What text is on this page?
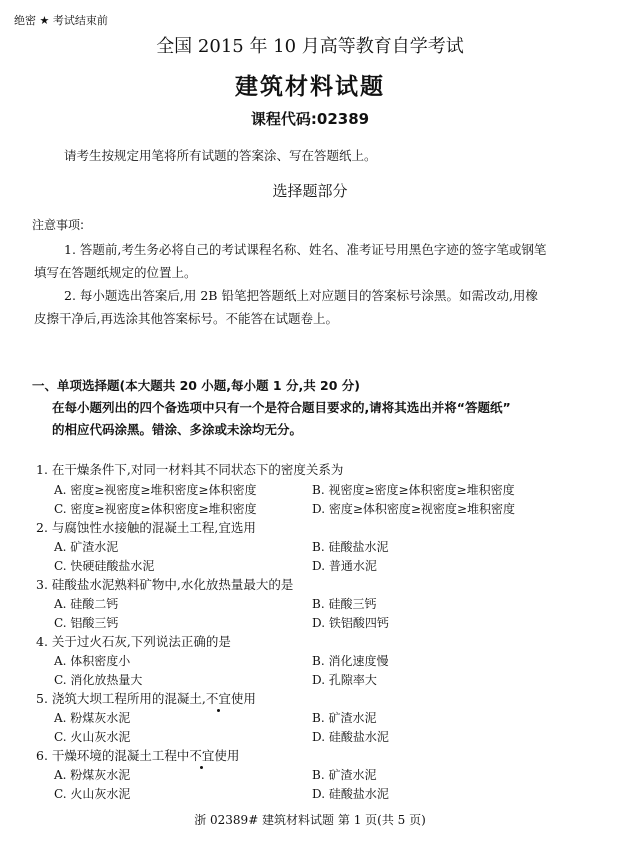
绝密 ★ 考试结束前
全国 2015 年 10 月高等教育自学考试
建筑材料试题
课程代码:02389
请考生按规定用笔将所有试题的答案涂、写在答题纸上。
选择题部分
注意事项:
1. 答题前,考生务必将自己的考试课程名称、姓名、准考证号用黑色字迹的签字笔或钢笔
填写在答题纸规定的位置上。
2. 每小题选出答案后,用 2B 铅笔把答题纸上对应题目的答案标号涂黑。如需改动,用橡
皮擦干净后,再选涂其他答案标号。不能答在试题卷上。
一、单项选择题(本大题共 20 小题,每小题 1 分,共 20 分)
在每小题列出的四个备选项中只有一个是符合题目要求的,请将其选出并将“答题纸”
的相应代码涂黑。错涂、多涂或未涂均无分。
1. 在干燥条件下,对同一材料其不同状态下的密度关系为
A. 密度≥视密度≥堆积密度≥体积密度	B. 视密度≥密度≥体积密度≥堆积密度
C. 密度≥视密度≥体积密度≥堆积密度	D. 密度≥体积密度≥视密度≥堆积密度
2. 与腐蚀性水接触的混凝土工程,宜选用
A. 矿渣水泥	B. 硅酸盐水泥
C. 快硬硅酸盐水泥	D. 普通水泥
3. 硅酸盐水泥熟料矿物中,水化放热量最大的是
A. 硅酸二钙	B. 硅酸三钙
C. 铝酸三钙	D. 铁铝酸四钙
4. 关于过火石灰,下列说法正确的是
A. 体积密度小	B. 消化速度慢
C. 消化放热量大	D. 孔隙率大
5. 浇筑大坝工程所用的混凝土,不宜使用
A. 粉煤灰水泥	B. 矿渣水泥
C. 火山灰水泥	D. 硅酸盐水泥
6. 干燥环境的混凝土工程中不宜使用
A. 粉煤灰水泥	B. 矿渣水泥
C. 火山灰水泥	D. 硅酸盐水泥
浙 02389# 建筑材料试题 第 1 页(共 5 页)
